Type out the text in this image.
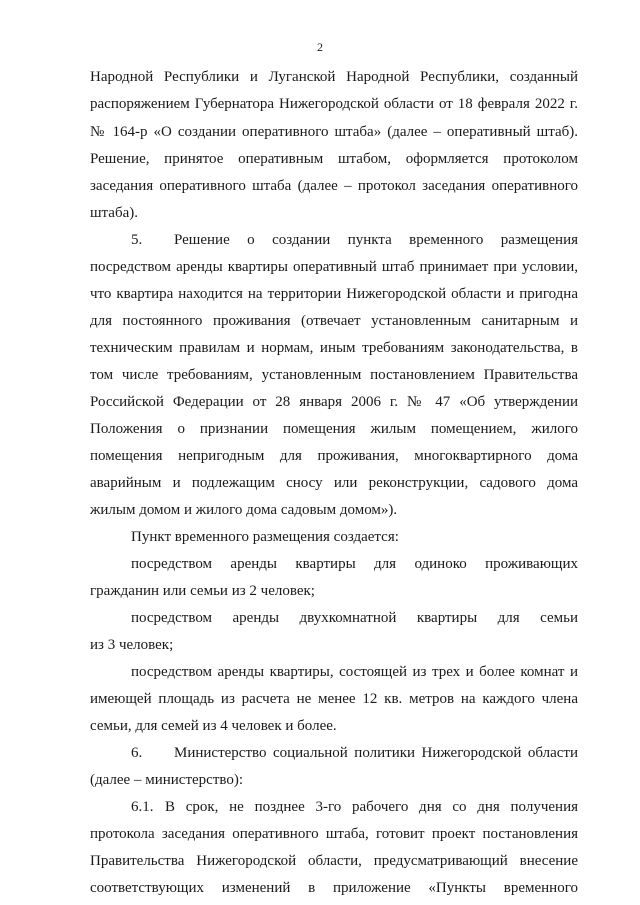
2
Народной Республики и Луганской Народной Республики, созданный
распоряжением Губернатора Нижегородской области от 18 февраля 2022 г.
№ 164-р «О создании оперативного штаба» (далее – оперативный штаб).
Решение, принятое оперативным штабом, оформляется протоколом
заседания оперативного штаба (далее – протокол заседания оперативного
штаба).
5.	Решение о создании пункта временного размещения
посредством аренды квартиры оперативный штаб принимает при условии,
что квартира находится на территории Нижегородской области и пригодна
для постоянного проживания (отвечает установленным санитарным и
техническим правилам и нормам, иным требованиям законодательства, в
том числе требованиям, установленным постановлением Правительства
Российской Федерации от 28 января 2006 г. № 47 «Об утверждении
Положения о признании помещения жилым помещением, жилого
помещения непригодным для проживания, многоквартирного дома
аварийным и подлежащим сносу или реконструкции, садового дома
жилым домом и жилого дома садовым домом»).
Пункт временного размещения создается:
посредством аренды квартиры для одиноко проживающих
гражданин или семьи из 2 человек;
посредством аренды двухкомнатной квартиры для семьи
из 3 человек;
посредством аренды квартиры, состоящей из трех и более комнат и
имеющей площадь из расчета не менее 12 кв. метров на каждого члена
семьи, для семей из 4 человек и более.
6.	Министерство социальной политики Нижегородской области
(далее – министерство):
6.1. В срок, не позднее 3-го рабочего дня со дня получения
протокола заседания оперативного штаба, готовит проект постановления
Правительства Нижегородской области, предусматривающий внесение
соответствующих изменений в приложение «Пункты временного
